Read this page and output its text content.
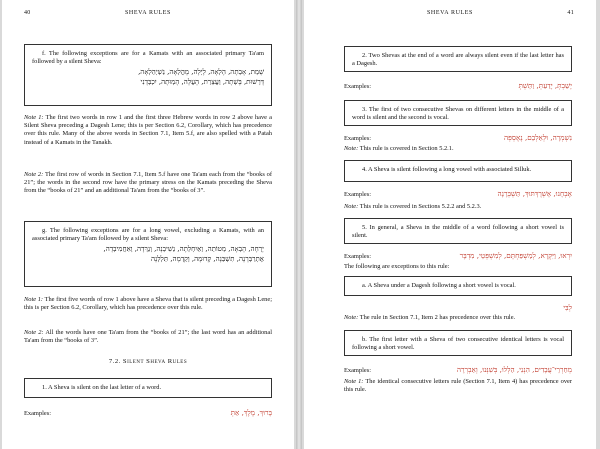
40	SHEVA RULES
f. The following exceptions are for a Kamats with an associated primary Ta'am followed by a silent Sheva:
שָׁמְת, אָבְתָה, הָלְאָה, לָיְלָה, מָהֳלְאָה, נַשְׁיְהַלְאָה,
דָּרְשׁוּת, בָּשְׁתָה, וַעֲצְרַת, הָעֲלָה, הָמְוּתָה, יִכְבְּדָנִי
Note 1: The first two words in row 1 and the first three Hebrew words in row 2 above have a Silent Sheva preceding a Dagesh Lene; this is per Section 6.2, Corollary, which has precedence over this rule. Many of the above words in Section 7.1, Item 5.f, are also spelled with a Patah instead of a Kamats in the Tanakh.
Note 2: The first row of words in Section 7.1, Item 5.f have one Ta'am each from the “books of 21”; the words in the second row have the primary stress on the Kamats preceding the Sheva from the “books of 21” and an additional Ta'am from the “books of 3”.
g. The following exceptions are for a long vowel, excluding a Kamats, with an associated primary Ta'am followed by a silent Sheva:
יָרְחָה, הָבְאָה, מְטוֹתַה, וַאַיִחְלְתָה, נַשִׁיבְנָה, וְנַרְּדָה, וְאַחֲמִיבְדָה,
אֶתְרַבְּרָנָה, תִשְׁבַּנָה, קְדוּמָה, וְקַדְמָה, תַּלְלְנָה
Note 1: The first five words of row 1 above have a Sheva that is silent preceding a Dagesh Lene; this is per Section 6.2, Corollary, which has precedence over this rule.
Note 2: All the words have one Ta'am from the “books of 21”; the last word has an additional Ta'am from the “books of 3”.
7.2. Silent Sheva Rules
1. A Sheva is silent on the last letter of a word.
Examples:	בָּרוּךְ, מֶלֶךְ, אַתְּ
SHEVA RULES	41
2. Two Shevas at the end of a word are always silent even if the last letter has a Dagesh.
Examples:	יָשַׁבְתְּ, יָדַעַתְּ, וַתֵּשְׁתְּ
3. The first of two consecutive Shevas on different letters in the middle of a word is silent and the second is vocal.
Examples:	נִשְׁמְרָה, וּלְאַלְבֵם, נֶאֶסְפְּה
Note: This rule is covered in Section 5.2.1.
4. A Sheva is silent following a long vowel with associated Silluk.
Examples:	אֶבְחָנוּ, אָשְׁרֶךְתּוּךְ, תַּשְׁבְּרָנָה
Note: This rule is covered in Sections 5.2.2 and 5.2.3.
5. In general, a Sheva in the middle of a word following a short vowel is silent.
Examples:	יִרְאוּ, וַיִּקְרָא, לְמַשְׁפַּחְתָּם, לְמִשְׁפְּטֵי, מִדְבָּר
The following are exceptions to this rule:
a. A Sheva under a Dagesh following a short vowel is vocal.
לְבִּי
Note: The rule in Section 7.1, Item 2 has precedence over this rule.
b. The first letter with a Sheva of two consecutive identical letters is vocal following a short vowel.
Examples:	מְחַרְרֵי־עֲבָדִים, הִנְנִי, הַלְלוּ, בְּשִׁנְּנוּ, וְאַבְרְרָה
Note 1: The identical consecutive letters rule (Section 7.1, Item 4) has precedence over this rule.
